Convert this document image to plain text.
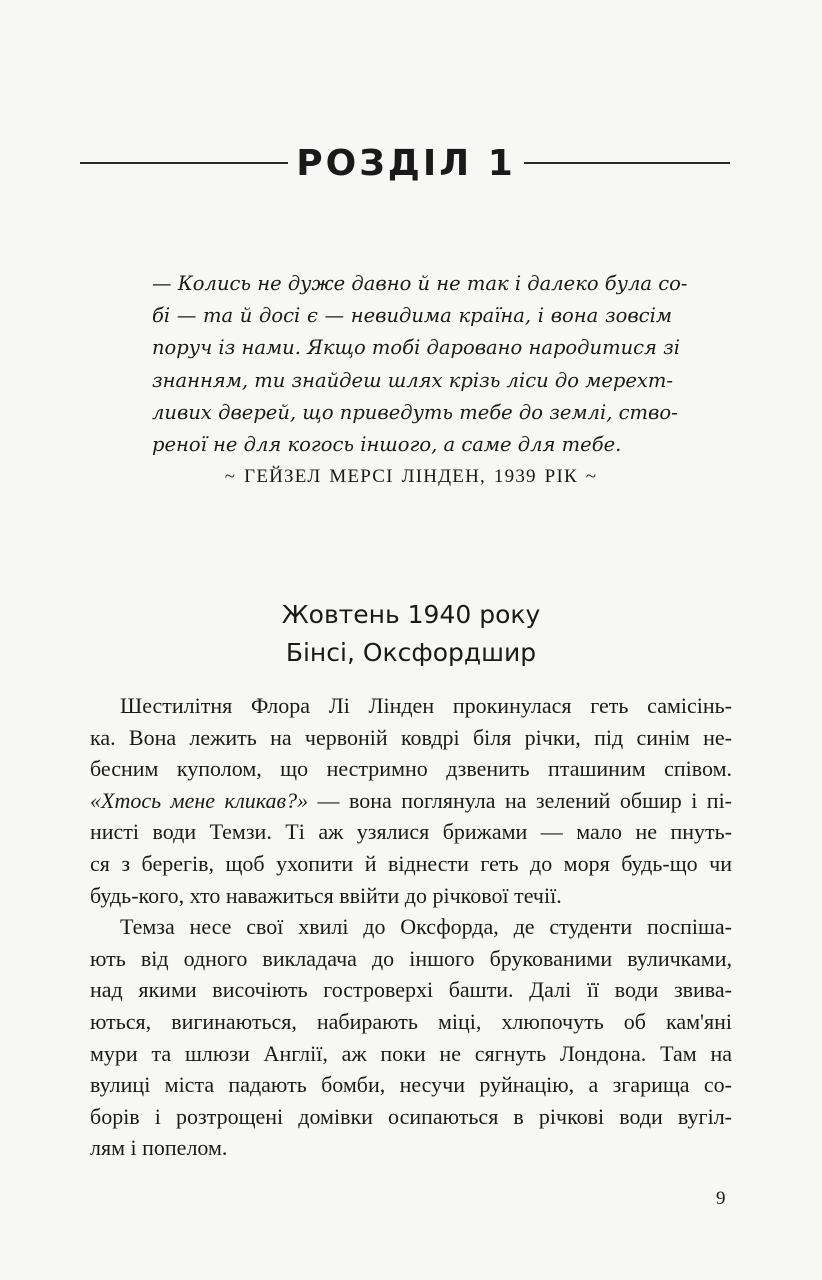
РОЗДІЛ 1
— Колись не дуже давно й не так і далеко була со-
бі — та й досі є — невидима країна, і вона зовсім
поруч із нами. Якщо тобі даровано народитися зі
знанням, ти знайдеш шлях крізь ліси до мерехт-
ливих дверей, що приведуть тебе до землі, ство-
реної не для когось іншого, а саме для тебе.
~ ГЕЙЗЕЛ МЕРСІ ЛІНДЕН, 1939 РІК ~
Жовтень 1940 року
Бінсі, Оксфордшир
Шестилітня Флора Лі Лінден прокинулася геть самісінь-
ка. Вона лежить на червоній ковдрі біля річки, під синім не-
бесним куполом, що нестримно дзвенить пташиним співом.
«Хтось мене кликав?» — вона поглянула на зелений обшир і пі-
нисті води Темзи. Ті аж узялися брижами — мало не пнуть-
ся з берегів, щоб ухопити й віднести геть до моря будь-що чи
будь-кого, хто наважиться ввійти до річкової течії.
Темза несе свої хвилі до Оксфорда, де студенти поспіша-
ють від одного викладача до іншого брукованими вуличками,
над якими височіють гостроверхі башти. Далі її води звива-
ються, вигинаються, набирають міці, хлюпочуть об кам'яні
мури та шлюзи Англії, аж поки не сягнуть Лондона. Там на
вулиці міста падають бомби, несучи руйнацію, а згарища со-
борів і розтрощені домівки осипаються в річкові води вугіл-
лям і попелом.
9
